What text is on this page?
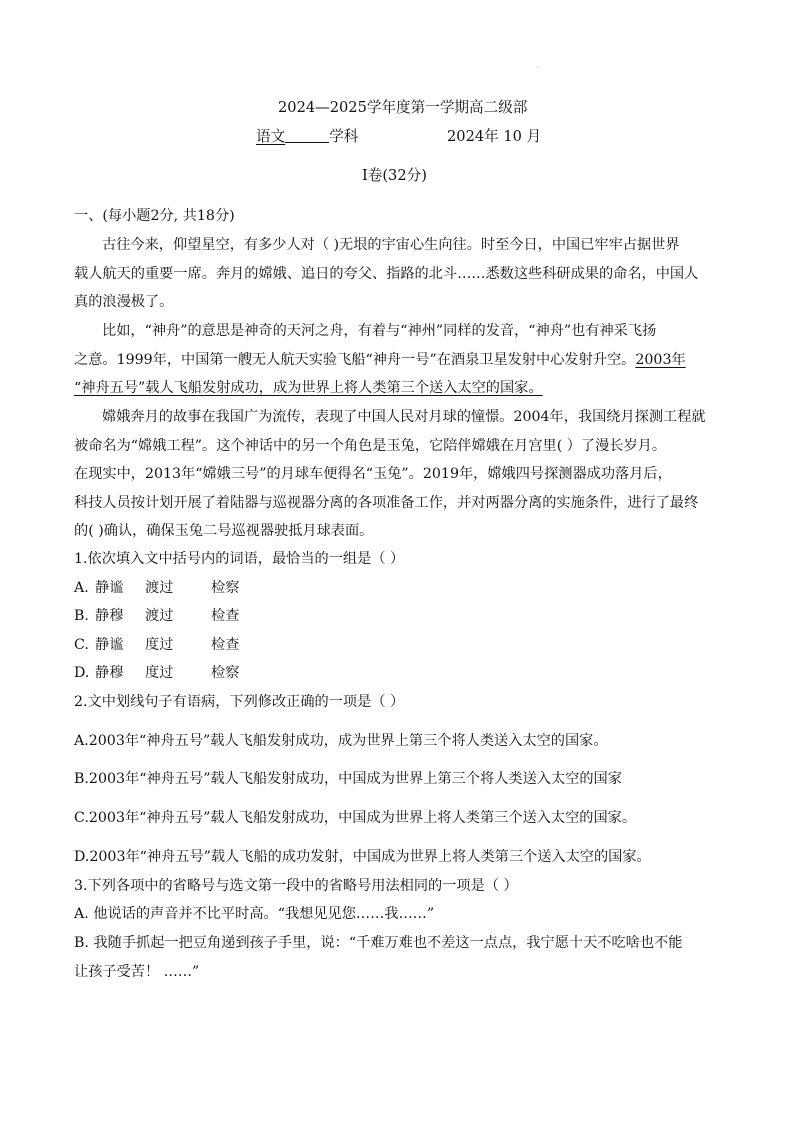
.
2024—2025学年度第一学期高二级部
语文	学科	2024年 10 月
I卷(32分)
一、(每小题2分, 共18分)
古往今来，仰望星空，有多少人对（ )无垠的宇宙心生向往。时至今日，中国已牢牢占据世界
载人航天的重要一席。奔月的嫦娥、追日的夸父、指路的北斗……悉数这些科研成果的命名，中国人
真的浪漫极了。
比如，“神舟”的意思是神奇的天河之舟，有着与“神州”同样的发音，“神舟”也有神采飞扬
之意。1999年，中国第一艘无人航天实验飞船“神舟一号”在酒泉卫星发射中心发射升空。2003年
“神舟五号”载人飞船发射成功，成为世界上将人类第三个送入太空的国家。
嫦娥奔月的故事在我国广为流传，表现了中国人民对月球的憧憬。2004年，我国绕月探测工程就
被命名为“嫦娥工程”。这个神话中的另一个角色是玉兔，它陪伴嫦娥在月宫里( ）了漫长岁月。
在现实中，2013年“嫦娥三号”的月球车便得名“玉兔”。2019年，嫦娥四号探测器成功落月后，
科技人员按计划开展了着陆器与巡视器分离的各项准备工作，并对两器分离的实施条件，进行了最终
的( )确认，确保玉兔二号巡视器驶抵月球表面。
1.依次填入文中括号内的词语，最恰当的一组是（ ）
A. 静谧 渡过	检察
B. 静穆 渡过	检查
C. 静谧 度过	检查
D. 静穆 度过	检察
2.文中划线句子有语病，下列修改正确的一项是（ ）
A.2003年“神舟五号”载人飞船发射成功，成为世界上第三个将人类送入太空的国家。
B.2003年“神舟五号”载人飞船发射成功，中国成为世界上第三个将人类送入太空的国家
C.2003年“神舟五号”载人飞船发射成功，中国成为世界上将人类第三个送入太空的国家。
D.2003年“神舟五号”载人飞船的成功发射，中国成为世界上将人类第三个送入太空的国家。
3.下列各项中的省略号与选文第一段中的省略号用法相同的一项是（ ）
A. 他说话的声音并不比平时高。“我想见见您……我……”
B. 我随手抓起一把豆角递到孩子手里，说：“千难万难也不差这一点点，我宁愿十天不吃啥也不能
让孩子受苦！ ……”
